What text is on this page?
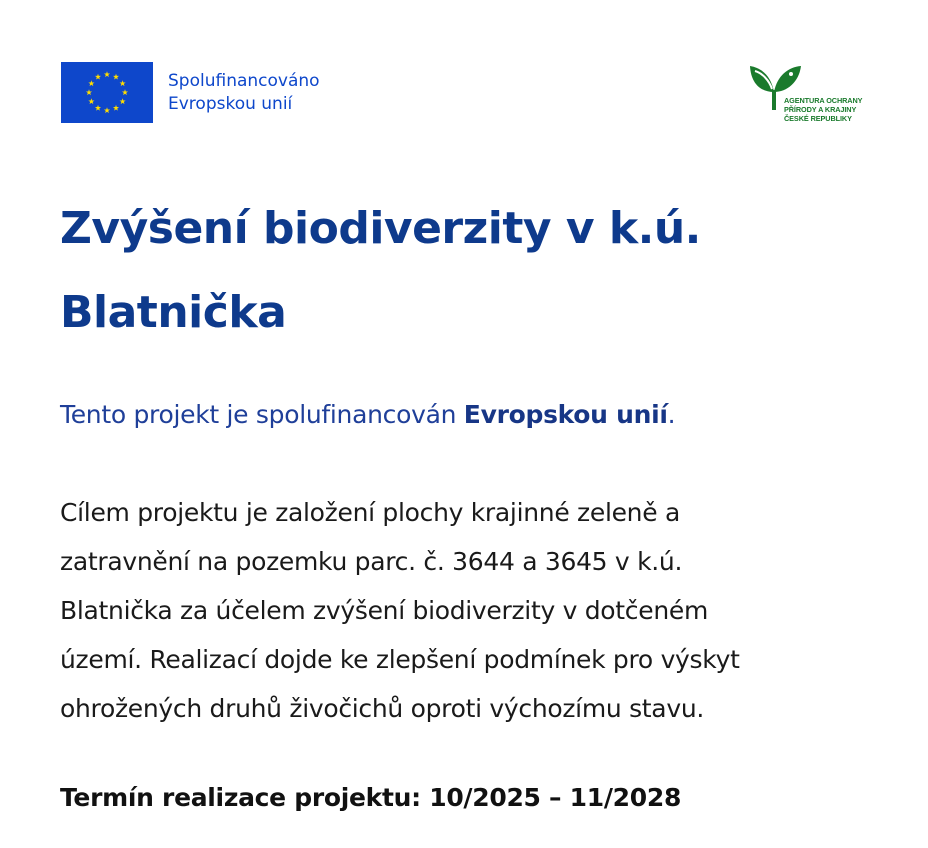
Spolufinancováno
Evropskou unií	AGENTURA OCHRANY
PŘÍRODY A KRAJINY
ČESKÉ REPUBLIKY
Zvýšení biodiverzity v k.ú.
Blatnička

Tento projekt je spolufinancován Evropskou unií.

Cílem projektu je založení plochy krajinné zeleně a
zatravnění na pozemku parc. č. 3644 a 3645 v k.ú.
Blatnička za účelem zvýšení biodiverzity v dotčeném
území. Realizací dojde ke zlepšení podmínek pro výskyt
ohrožených druhů živočichů oproti výchozímu stavu.

Termín realizace projektu: 10/2025 – 11/2028
